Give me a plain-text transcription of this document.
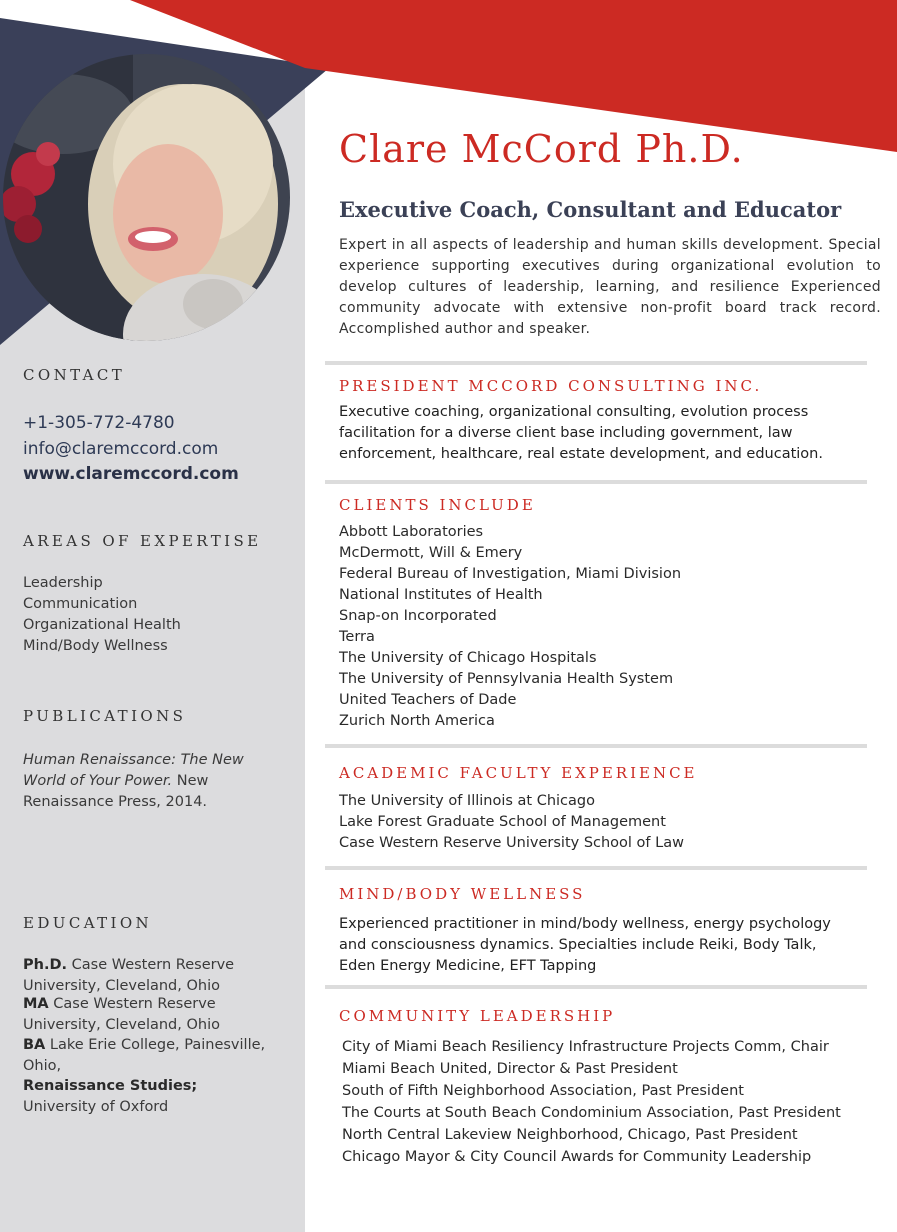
CONTACT

+1-305-772-4780

info@claremccord.com

www.claremccord.com

AREAS OF EXPERTISE
Leadership
Communication
Organizational Health
Mind/Body Wellness
PUBLICATIONS

Human Renaissance: The New World of Your Power. New Renaissance Press, 2014.

EDUCATION

Ph.D. Case Western Reserve University, Cleveland, Ohio

MA Case Western Reserve University, Cleveland, Ohio

BA Lake Erie College, Painesville, Ohio,

Renaissance Studies;
University of Oxford

Clare McCord Ph.D.
Executive Coach, Consultant and Educator

Expert in all aspects of leadership and human skills development. Special experience supporting executives during organizational evolution to develop cultures of leadership, learning, and resilience Experienced community advocate with extensive non-profit board track record. Accomplished author and speaker.

PRESIDENT MCCORD CONSULTING INC.

Executive coaching, organizational consulting, evolution process facilitation for a diverse client base including government, law enforcement, healthcare, real estate development, and education.

CLIENTS INCLUDE
Abbott Laboratories
McDermott, Will & Emery
Federal Bureau of Investigation, Miami Division
National Institutes of Health
Snap-on Incorporated
Terra
The University of Chicago Hospitals
The University of Pennsylvania Health System
United Teachers of Dade
Zurich North America
ACADEMIC FACULTY EXPERIENCE
The University of Illinois at Chicago
Lake Forest Graduate School of Management
Case Western Reserve University School of Law
MIND/BODY WELLNESS

Experienced practitioner in mind/body wellness, energy psychology and consciousness dynamics. Specialties include Reiki, Body Talk, Eden Energy Medicine, EFT Tapping

COMMUNITY LEADERSHIP
City of Miami Beach Resiliency Infrastructure Projects Comm, Chair
Miami Beach United, Director & Past President
South of Fifth Neighborhood Association, Past President
The Courts at South Beach Condominium Association, Past President
North Central Lakeview Neighborhood, Chicago, Past President
Chicago Mayor & City Council Awards for Community Leadership
